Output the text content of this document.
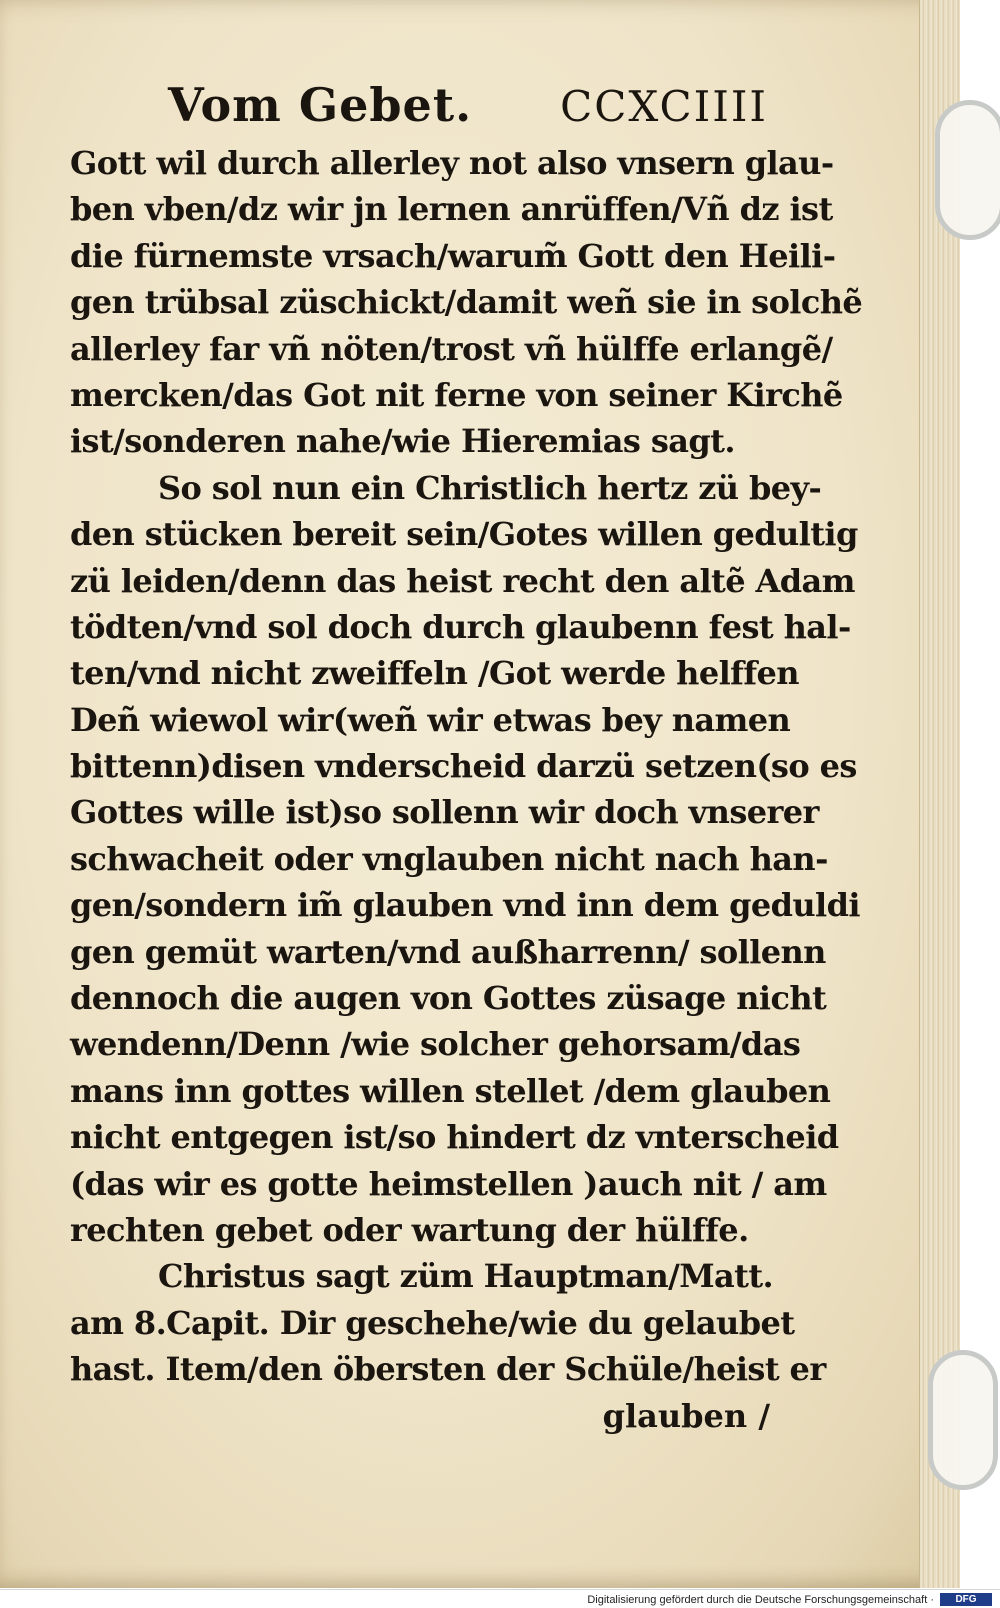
Vom Gebet. CCXCIIII
Gott wil durch allerley not also vnsern glau-
ben vben/dz wir jn lernen anrüffen/Vñ dz ist
die fürnemste vrsach/warum̃ Gott den Heili-
gen trübsal züschickt/damit weñ sie in solchẽ
allerley far vñ nöten/trost vñ hülffe erlangẽ/
mercken/das Got nit ferne von seiner Kirchẽ
ist/sonderen nahe/wie Hieremias sagt.
So sol nun ein Christlich hertz zü bey-
den stücken bereit sein/Gotes willen gedultig
zü leiden/denn das heist recht den altẽ Adam
tödten/vnd sol doch durch glaubenn fest hal-
ten/vnd nicht zweiffeln /Got werde helffen
Deñ wiewol wir(weñ wir etwas bey namen
bittenn)disen vnderscheid darzü setzen(so es
Gottes wille ist)so sollenn wir doch vnserer
schwacheit oder vnglauben nicht nach han-
gen/sondern im̃ glauben vnd inn dem geduldi
gen gemüt warten/vnd außharrenn/ sollenn
dennoch die augen von Gottes züsage nicht
wendenn/Denn /wie solcher gehorsam/das
mans inn gottes willen stellet /dem glauben
nicht entgegen ist/so hindert dz vnterscheid
(das wir es gotte heimstellen )auch nit / am
rechten gebet oder wartung der hülffe.
Christus sagt züm Hauptman/Matt.
am 8.Capit. Dir geschehe/wie du gelaubet
hast. Item/den öbersten der Schüle/heist er
glauben /
Digitalisierung gefördert durch die Deutsche Forschungsgemeinschaft ·	DFG
